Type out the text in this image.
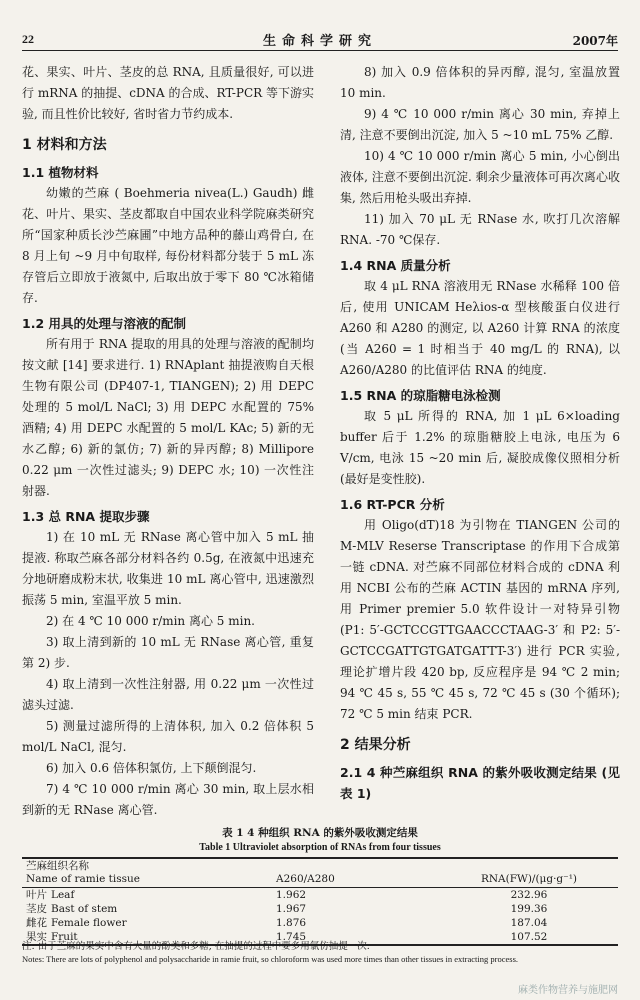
22	生命科学研究	2007年

花、果实、叶片、茎皮的总 RNA, 且质量很好, 可以进行 mRNA 的抽提、cDNA 的合成、RT-PCR 等下游实验, 而且性价比较好, 省时省力节约成本.

1 材料和方法
1.1 植物材料

幼嫩的苎麻 ( Boehmeria nivea(L.) Gaudh) 雌花、叶片、果实、茎皮都取自中国农业科学院麻类研究所“国家种质长沙苎麻圃”中地方品种的藤山鸡骨白, 在 8 月上旬 ~9 月中旬取样, 每份材料都分装于 5 mL 冻存管后立即放于液氮中, 后取出放于零下 80 ℃冰箱储存.

1.2 用具的处理与溶液的配制

所有用于 RNA 提取的用具的处理与溶液的配制均按文献 [14] 要求进行. 1) RNAplant 抽提液购自天根生物有限公司 (DP407-1, TIANGEN); 2) 用 DEPC 处理的 5 mol/L NaCl; 3) 用 DEPC 水配置的 75% 酒精; 4) 用 DEPC 水配置的 5 mol/L KAc; 5) 新的无水乙醇; 6) 新的氯仿; 7) 新的异丙醇; 8) Millipore 0.22 μm 一次性过滤头; 9) DEPC 水; 10) 一次性注射器.

1.3 总 RNA 提取步骤

1) 在 10 mL 无 RNase 离心管中加入 5 mL 抽提液. 称取苎麻各部分材料各约 0.5g, 在液氮中迅速充分地研磨成粉末状, 收集进 10 mL 离心管中, 迅速激烈振荡 5 min, 室温平放 5 min.

2) 在 4 ℃ 10 000 r/min 离心 5 min.

3) 取上清到新的 10 mL 无 RNase 离心管, 重复第 2) 步.

4) 取上清到一次性注射器, 用 0.22 μm 一次性过滤头过滤.

5) 测量过滤所得的上清体积, 加入 0.2 倍体积 5 mol/L NaCl, 混匀.

6) 加入 0.6 倍体积氯仿, 上下颠倒混匀.

7) 4 ℃ 10 000 r/min 离心 30 min, 取上层水相到新的无 RNase 离心管.

8) 加入 0.9 倍体积的异丙醇, 混匀, 室温放置 10 min.

9) 4 ℃ 10 000 r/min 离心 30 min, 弃掉上清, 注意不要倒出沉淀, 加入 5 ~10 mL 75% 乙醇.

10) 4 ℃ 10 000 r/min 离心 5 min, 小心倒出液体, 注意不要倒出沉淀. 剩余少量液体可再次离心收集, 然后用枪头吸出弃掉.

11) 加入 70 μL 无 RNase 水, 吹打几次溶解 RNA. -70 ℃保存.

1.4 RNA 质量分析

取 4 μL RNA 溶液用无 RNase 水稀释 100 倍后, 使用 UNICAM Heλios-α 型核酸蛋白仪进行 A260 和 A280 的测定, 以 A260 计算 RNA 的浓度 (当 A260 = 1 时相当于 40 mg/L 的 RNA), 以 A260/A280 的比值评估 RNA 的纯度.

1.5 RNA 的琼脂糖电泳检测

取 5 μL 所得的 RNA, 加 1 μL 6×loading buffer 后于 1.2% 的琼脂糖胶上电泳, 电压为 6 V/cm, 电泳 15 ~20 min 后, 凝胶成像仪照相分析 (最好是变性胶).

1.6 RT-PCR 分析

用 Oligo(dT)18 为引物在 TIANGEN 公司的 M-MLV Reserse Transcriptase 的作用下合成第一链 cDNA. 对苎麻不同部位材料合成的 cDNA 利用 NCBI 公布的苎麻 ACTIN 基因的 mRNA 序列, 用 Primer premier 5.0 软件设计一对特异引物 (P1: 5′-GCTCCGTTGAACCCTAAG-3′ 和 P2: 5′-GCTCCGATTGTGATGATTT-3′) 进行 PCR 实验, 理论扩增片段 420 bp, 反应程序是 94 ℃ 2 min; 94 ℃ 45 s, 55 ℃ 45 s, 72 ℃ 45 s (30 个循环); 72 ℃ 5 min 结束 PCR.

2 结果分析
2.1 4 种苎麻组织 RNA 的紫外吸收测定结果 (见表 1)
表 1 4 种组织 RNA 的紫外吸收测定结果
Table 1 Ultraviolet absorption of RNAs from four tissues
苎麻组织名称
Name of ramie tissue	A260/A280	RNA(FW)/(μg·g⁻¹)
叶片 Leaf	1.962	232.96
茎皮 Bast of stem	1.967	199.36
雌花 Female flower	1.876	187.04
果实 Fruit	1.745	107.52
注: 由于苎麻的果实中含有大量的酚类和多糖, 在抽提的过程中要多用氯仿抽提一次.
Notes: There are lots of polyphenol and polysaccharide in ramie fruit, so chloroform was used more times than other tissues in extracting process.
麻类作物营养与施肥网
